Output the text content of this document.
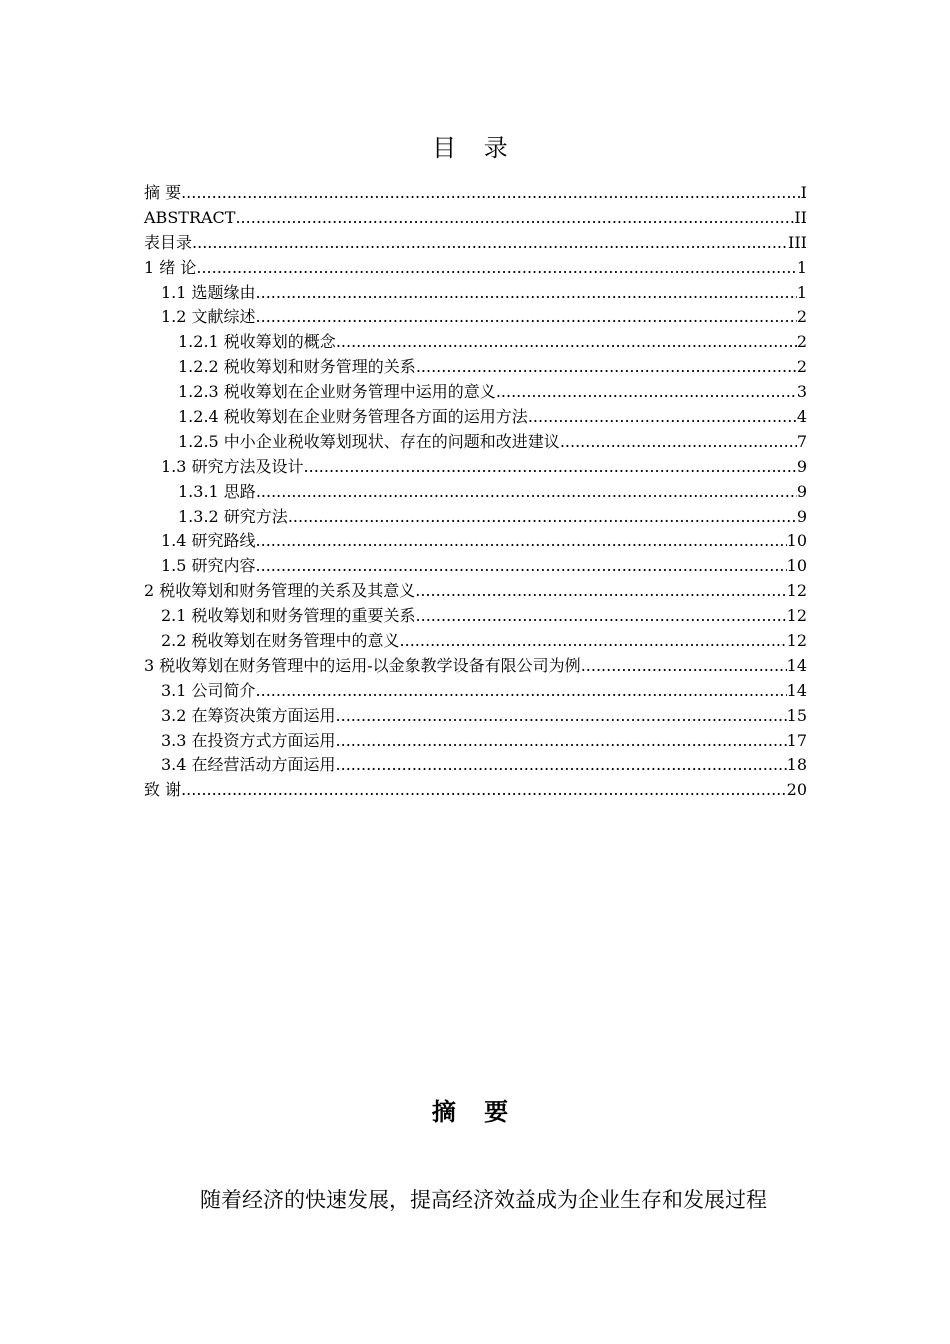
目 录
摘 要 .....	I
ABSTRACT .....	II
表目录 .....	III
1 绪 论 .....	1
1.1 选题缘由 .....	1
1.2 文献综述 .....	2
1.2.1 税收筹划的概念 .....	2
1.2.2 税收筹划和财务管理的关系 .....	2
1.2.3 税收筹划在企业财务管理中运用的意义 .....	3
1.2.4 税收筹划在企业财务管理各方面的运用方法 .....	4
1.2.5 中小企业税收筹划现状、存在的问题和改进建议 .....	7
1.3 研究方法及设计 .....	9
1.3.1 思路 .....	9
1.3.2 研究方法 .....	9
1.4 研究路线 .....	10
1.5 研究内容 .....	10
2 税收筹划和财务管理的关系及其意义 .....	12
2.1 税收筹划和财务管理的重要关系 .....	12
2.2 税收筹划在财务管理中的意义 .....	12
3 税收筹划在财务管理中的运用-以金象教学设备有限公司为例 .....	14
3.1 公司简介 .....	14
3.2 在筹资决策方面运用 .....	15
3.3 在投资方式方面运用 .....	17
3.4 在经营活动方面运用 .....	18
致 谢 .....	20
摘 要
随着经济的快速发展，提高经济效益成为企业生存和发展过程
